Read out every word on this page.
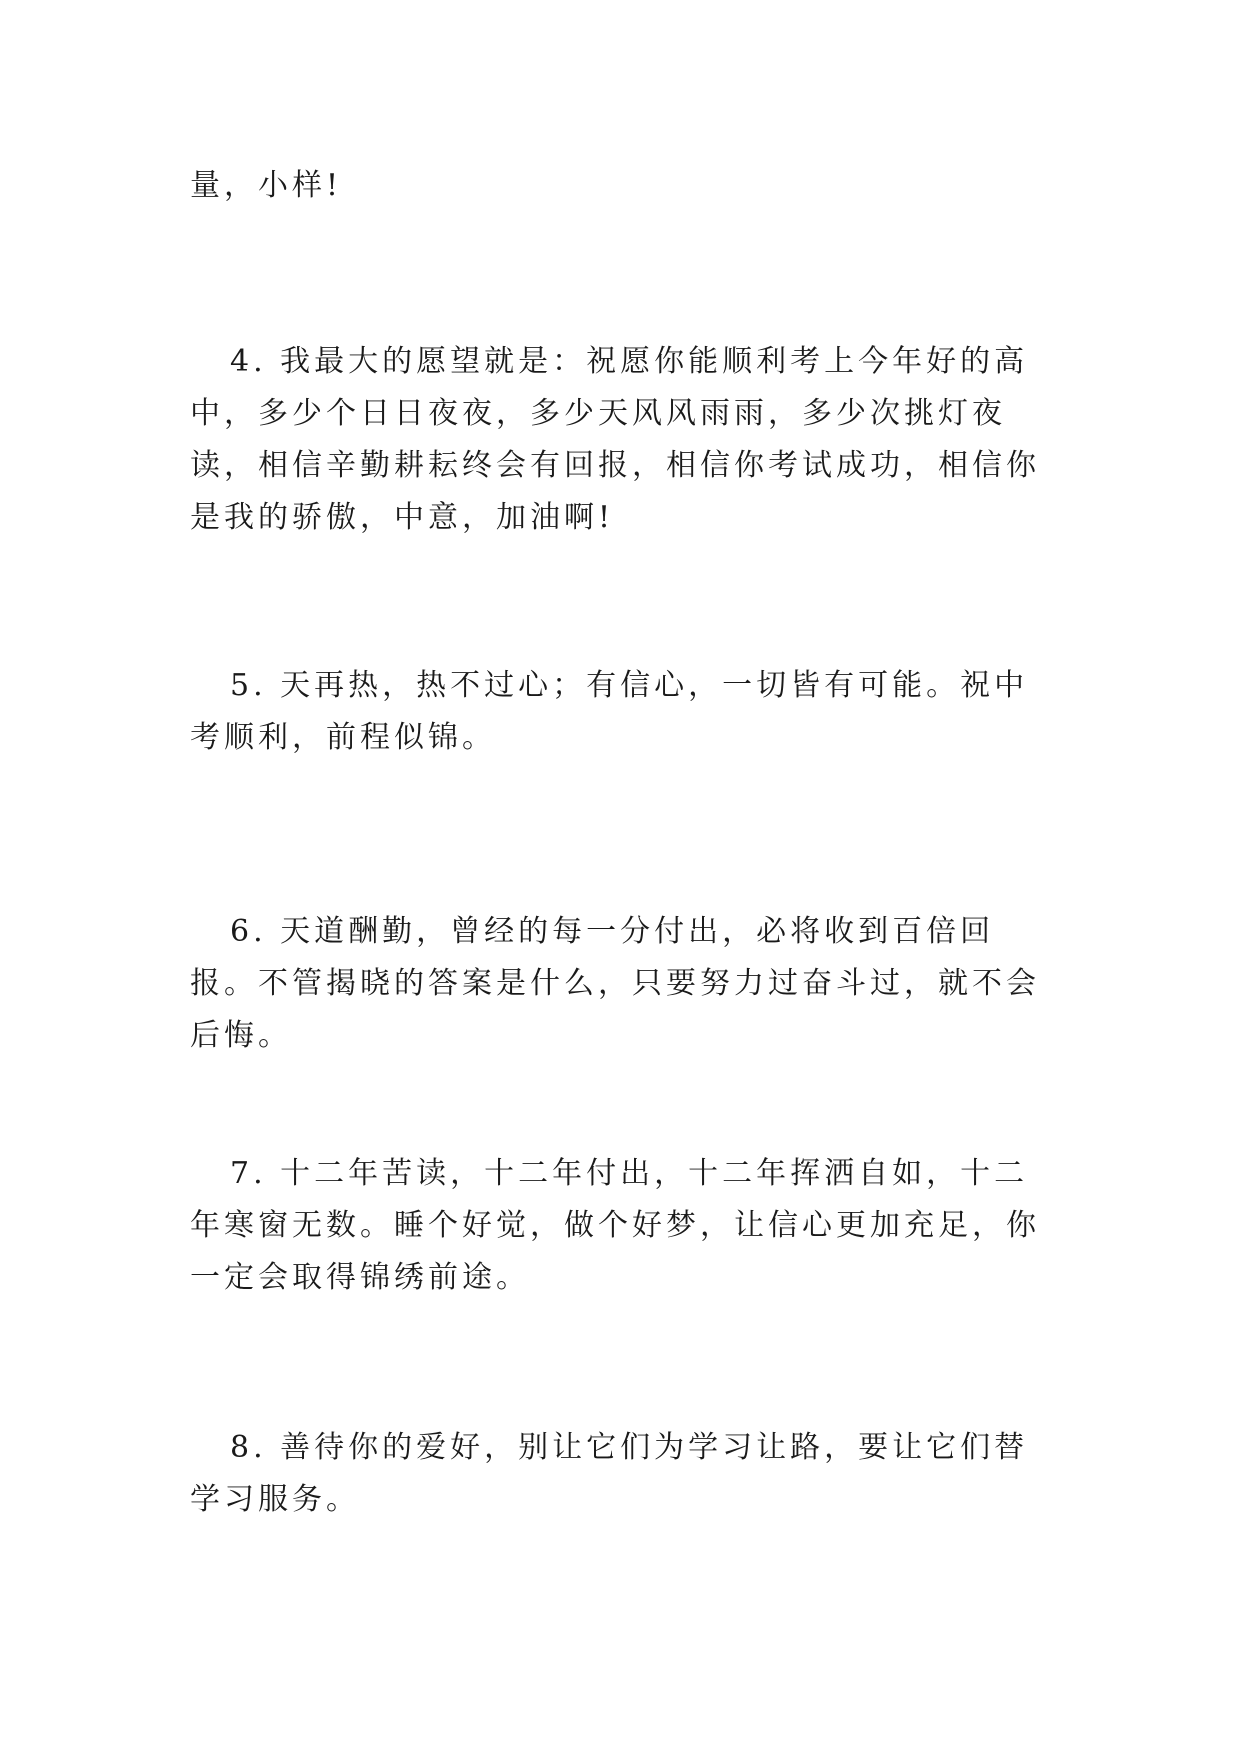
量，小样!

4. 我最大的愿望就是：祝愿你能顺利考上今年好的高中，多少个日日夜夜，多少天风风雨雨，多少次挑灯夜读，相信辛勤耕耘终会有回报，相信你考试成功，相信你是我的骄傲，中意，加油啊!

5. 天再热，热不过心；有信心，一切皆有可能。祝中考顺利，前程似锦。

6. 天道酬勤，曾经的每一分付出，必将收到百倍回报。不管揭晓的答案是什么，只要努力过奋斗过，就不会后悔。

7. 十二年苦读，十二年付出，十二年挥洒自如，十二年寒窗无数。睡个好觉，做个好梦，让信心更加充足，你一定会取得锦绣前途。

8. 善待你的爱好，别让它们为学习让路，要让它们替学习服务。
